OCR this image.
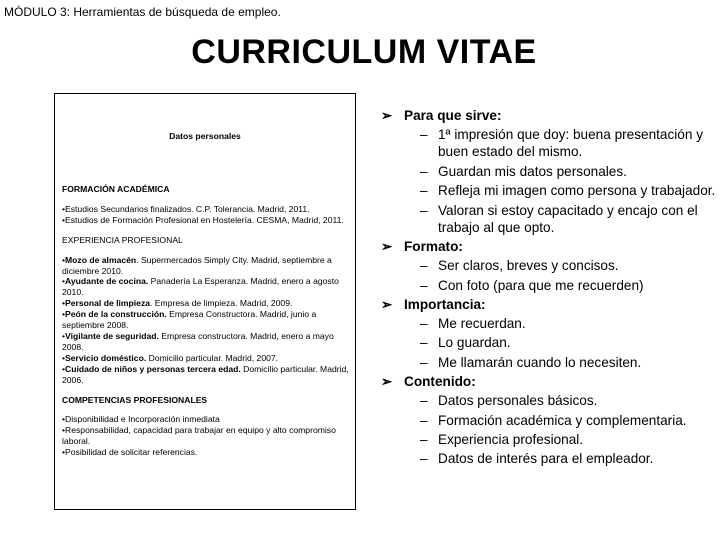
MÓDULO 3: Herramientas de búsqueda de empleo.
CURRICULUM VITAE
Datos personales
FORMACIÓN ACADÉMICA
•Estudios Secundarios finalizados. C.P. Tolerancia. Madrid, 2011.
•Estudios de Formación Profesional en Hostelería. CESMA, Madrid, 2011.
EXPERIENCIA PROFESIONAL
•Mozo de almacén. Supermercados Simply City. Madrid, septiembre a diciembre 2010.
•Ayudante de cocina. Panadería La Esperanza. Madrid, enero a agosto 2010.
•Personal de limpieza. Empresa de limpieza. Madrid, 2009.
•Peón de la construcción. Empresa Constructora. Madrid, junio a septiembre 2008.
•Vigilante de seguridad. Empresa constructora. Madrid, enero a mayo 2008.
•Servicio doméstico. Domicilio particular. Madrid, 2007.
•Cuidado de niños y personas tercera edad. Domicilio particular. Madrid, 2006.
COMPETENCIAS PROFESIONALES
•Disponibilidad e Incorporación inmediata
•Responsabilidad, capacidad para trabajar en equipo y alto compromiso laboral.
•Posibilidad de solicitar referencias.
➢ Para que sirve:
– 1ª impresión que doy: buena presentación y buen estado del mismo.
– Guardan mis datos personales.
– Refleja mi imagen como persona y trabajador.
– Valoran si estoy capacitado y encajo con el trabajo al que opto.
➢ Formato:
– Ser claros, breves y concisos.
– Con foto (para que me recuerden)
➢ Importancia:
– Me recuerdan.
– Lo guardan.
– Me llamarán cuando lo necesiten.
➢ Contenido:
– Datos personales básicos.
– Formación académica y complementaria.
– Experiencia profesional.
– Datos de interés para el empleador.
